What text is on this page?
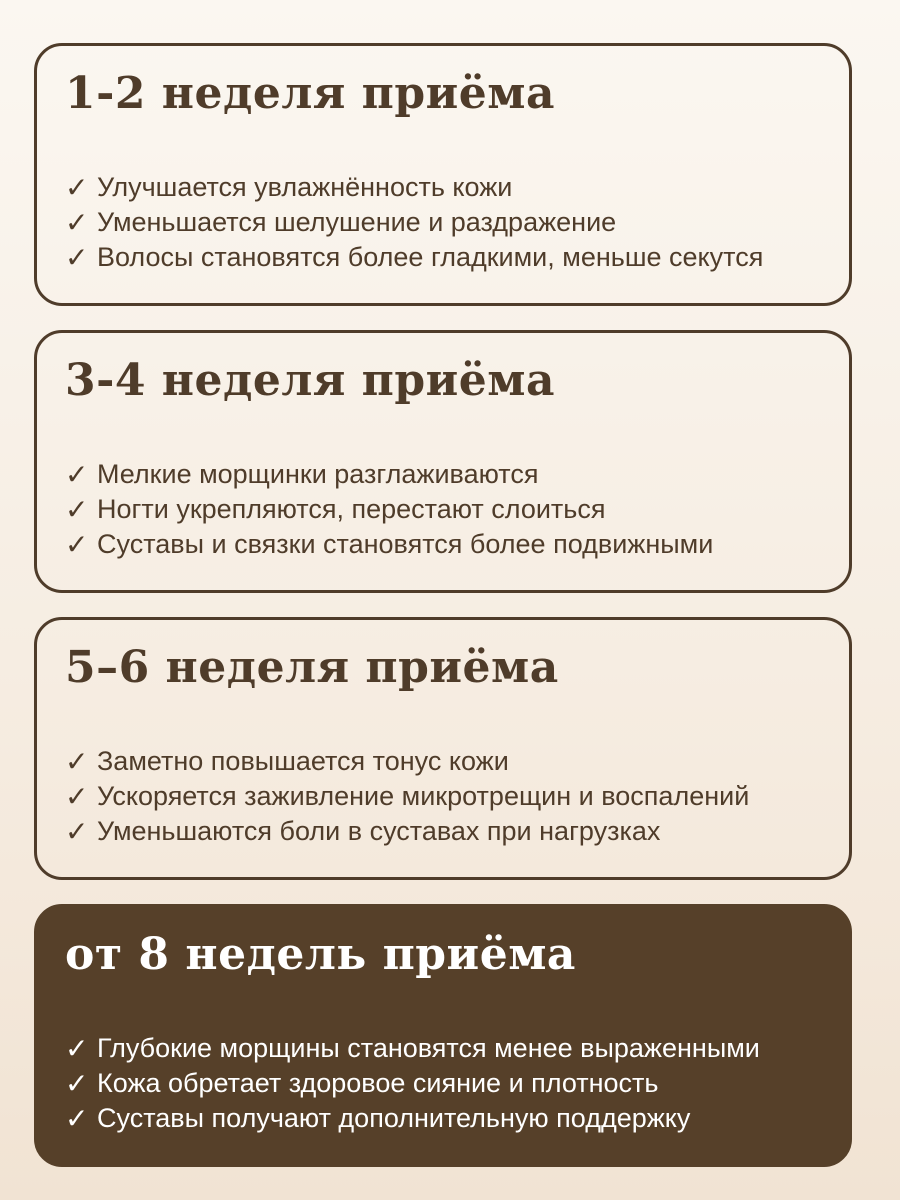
1-2 неделя приёма
✓ Улучшается увлажнённость кожи
✓ Уменьшается шелушение и раздражение
✓ Волосы становятся более гладкими, меньше секутся
3-4 неделя приёма
✓ Мелкие морщинки разглаживаются
✓ Ногти укрепляются, перестают слоиться
✓ Суставы и связки становятся более подвижными
5–6 неделя приёма
✓ Заметно повышается тонус кожи
✓ Ускоряется заживление микротрещин и воспалений
✓ Уменьшаются боли в суставах при нагрузках
от 8 недель приёма
✓ Глубокие морщины становятся менее выраженными
✓ Кожа обретает здоровое сияние и плотность
✓ Суставы получают дополнительную поддержку
